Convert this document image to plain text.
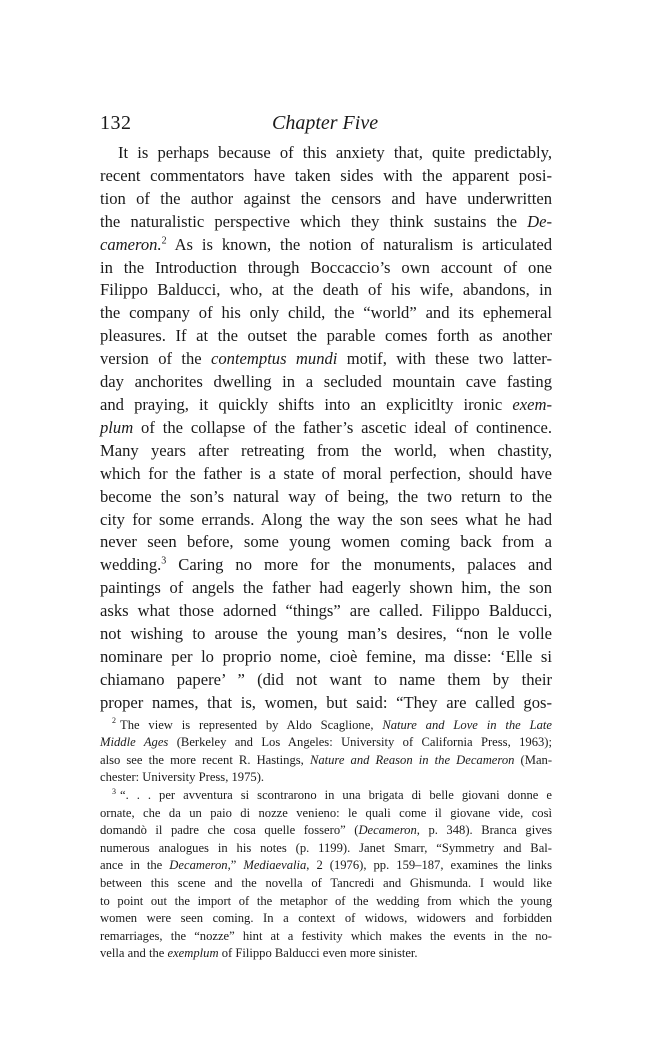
132	Chapter Five
It is perhaps because of this anxiety that, quite predictably,
recent commentators have taken sides with the apparent posi-
tion of the author against the censors and have underwritten
the naturalistic perspective which they think sustains the De-
cameron.$^2$ As is known, the notion of naturalism is articulated
in the Introduction through Boccaccio’s own account of one
Filippo Balducci, who, at the death of his wife, abandons, in
the company of his only child, the “world” and its ephemeral
pleasures. If at the outset the parable comes forth as another
version of the contemptus mundi motif, with these two latter-
day anchorites dwelling in a secluded mountain cave fasting
and praying, it quickly shifts into an explicitlty ironic exem-
plum of the collapse of the father’s ascetic ideal of continence.
Many years after retreating from the world, when chastity,
which for the father is a state of moral perfection, should have
become the son’s natural way of being, the two return to the
city for some errands. Along the way the son sees what he had
never seen before, some young women coming back from a
wedding.$^3$ Caring no more for the monuments, palaces and
paintings of angels the father had eagerly shown him, the son
asks what those adorned “things” are called. Filippo Balducci,
not wishing to arouse the young man’s desires, “non le volle
nominare per lo proprio nome, cioè femine, ma disse: ‘Elle si
chiamano papere’ ” (did not want to name them by their
proper names, that is, women, but said: “They are called gos-
$^2$ The view is represented by Aldo Scaglione, Nature and Love in the Late
Middle Ages (Berkeley and Los Angeles: University of California Press, 1963);
also see the more recent R. Hastings, Nature and Reason in the Decameron (Man-
chester: University Press, 1975).
$^3$ “. . . per avventura si scontrarono in una brigata di belle giovani donne e
ornate, che da un paio di nozze venieno: le quali come il giovane vide, così
domandò il padre che cosa quelle fossero” (Decameron, p. 348). Branca gives
numerous analogues in his notes (p. 1199). Janet Smarr, “Symmetry and Bal-
ance in the Decameron,” Mediaevalia, 2 (1976), pp. 159–187, examines the links
between this scene and the novella of Tancredi and Ghismunda. I would like
to point out the import of the metaphor of the wedding from which the young
women were seen coming. In a context of widows, widowers and forbidden
remarriages, the “nozze” hint at a festivity which makes the events in the no-
vella and the exemplum of Filippo Balducci even more sinister.
